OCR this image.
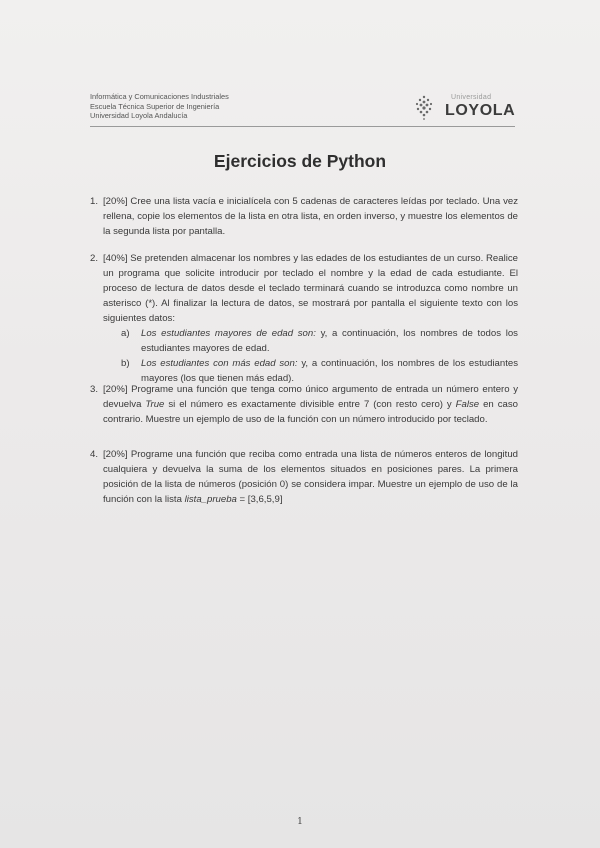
Informática y Comunicaciones Industriales
Escuela Técnica Superior de Ingeniería
Universidad Loyola Andalucía
Universidad
LOYOLA
Ejercicios de Python
1. [20%] Cree una lista vacía e inicialícela con 5 cadenas de caracteres leídas por teclado. Una vez rellena, copie los elementos de la lista en otra lista, en orden inverso, y muestre los elementos de la segunda lista por pantalla.
2. [40%] Se pretenden almacenar los nombres y las edades de los estudiantes de un curso. Realice un programa que solicite introducir por teclado el nombre y la edad de cada estudiante. El proceso de lectura de datos desde el teclado terminará cuando se introduzca como nombre un asterisco (*). Al finalizar la lectura de datos, se mostrará por pantalla el siguiente texto con los siguientes datos:
a) Los estudiantes mayores de edad son: y, a continuación, los nombres de todos los estudiantes mayores de edad.
b) Los estudiantes con más edad son: y, a continuación, los nombres de los estudiantes mayores (los que tienen más edad).
3. [20%] Programe una función que tenga como único argumento de entrada un número entero y devuelva True si el número es exactamente divisible entre 7 (con resto cero) y False en caso contrario. Muestre un ejemplo de uso de la función con un número introducido por teclado.
4. [20%] Programe una función que reciba como entrada una lista de números enteros de longitud cualquiera y devuelva la suma de los elementos situados en posiciones pares. La primera posición de la lista de números (posición 0) se considera impar. Muestre un ejemplo de uso de la función con la lista lista_prueba = [3,6,5,9]
1
